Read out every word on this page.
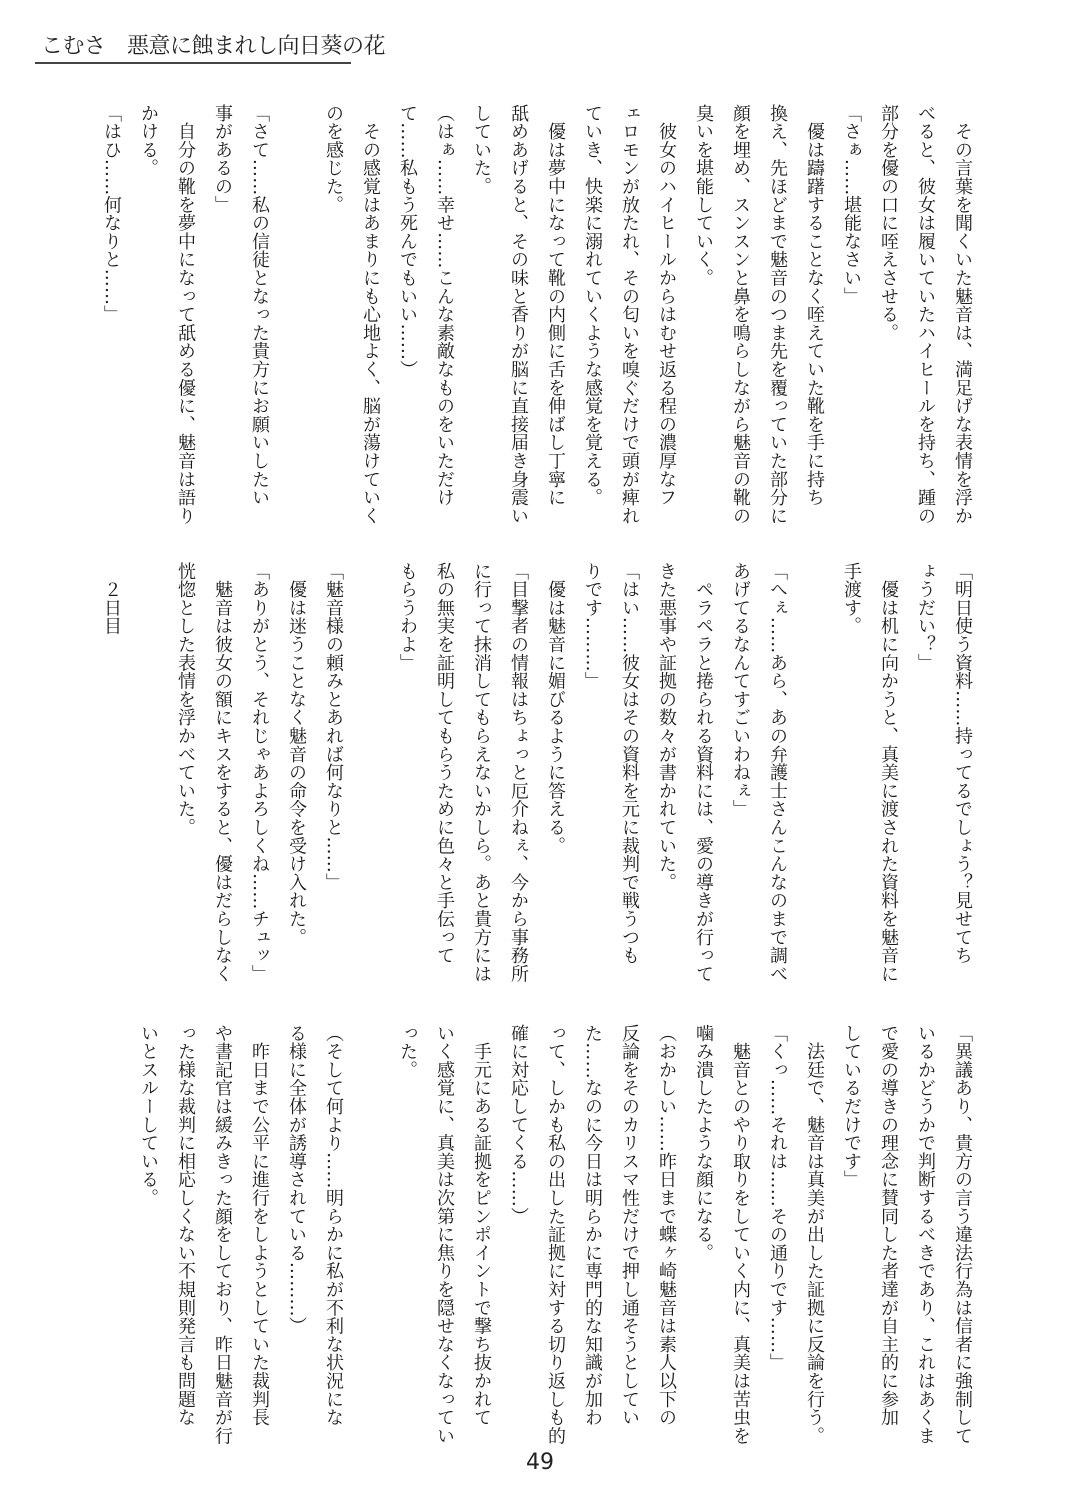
こむさ　悪意に蝕まれし向日葵の花
　その言葉を聞くいた魅音は、満足げな表情を浮か
べると、彼女は履いていたハイヒールを持ち、踵の
部分を優の口に咥えさせる。
「さぁ……堪能なさい」
　優は躊躇することなく咥えていた靴を手に持ち
換え、先ほどまで魅音のつま先を覆っていた部分に
顔を埋め、スンスンと鼻を鳴らしながら魅音の靴の
臭いを堪能していく。
　彼女のハイヒールからはむせ返る程の濃厚なフ
ェロモンが放たれ、その匂いを嗅ぐだけで頭が痺れ
ていき、快楽に溺れていくような感覚を覚える。
　優は夢中になって靴の内側に舌を伸ばし丁寧に
舐めあげると、その味と香りが脳に直接届き身震い
していた。
（はぁ……幸せ……こんな素敵なものをいただけ
て……私もう死んでもいい……）
　その感覚はあまりにも心地よく、脳が蕩けていく
のを感じた。
「さて……私の信徒となった貴方にお願いしたい
事があるの」
　自分の靴を夢中になって舐める優に、魅音は語り
かける。
「はひ……何なりと……」
「明日使う資料……持ってるでしょう？見せてち
ょうだい？」
　優は机に向かうと、真美に渡された資料を魅音に
手渡す。
「へぇ……あら、あの弁護士さんこんなのまで調べ
あげてるなんてすごいわねぇ」
　ペラペラと捲られる資料には、愛の導きが行って
きた悪事や証拠の数々が書かれていた。
「はい……彼女はその資料を元に裁判で戦うつも
りです………」
　優は魅音に媚びるように答える。
「目撃者の情報はちょっと厄介ねぇ、今から事務所
に行って抹消してもらえないかしら。あと貴方には
私の無実を証明してもらうために色々と手伝って
もらうわよ」
「魅音様の頼みとあれば何なりと……」
　優は迷うことなく魅音の命令を受け入れた。
「ありがとう、それじゃあよろしくね……チュッ」
　魅音は彼女の額にキスをすると、優はだらしなく
恍惚とした表情を浮かべていた。
　２日目
「異議あり、貴方の言う違法行為は信者に強制して
いるかどうかで判断するべきであり、これはあくま
で愛の導きの理念に賛同した者達が自主的に参加
しているだけです」
　法廷で、魅音は真美が出した証拠に反論を行う。
「くっ……それは……その通りです……」
　魅音とのやり取りをしていく内に、真美は苦虫を
噛み潰したような顔になる。
（おかしい……昨日まで蝶ヶ崎魅音は素人以下の
反論をそのカリスマ性だけで押し通そうとしてい
た……なのに今日は明らかに専門的な知識が加わ
って、しかも私の出した証拠に対する切り返しも的
確に対応してくる……）
　手元にある証拠をピンポイントで撃ち抜かれて
いく感覚に、真美は次第に焦りを隠せなくなってい
った。
（そして何より……明らかに私が不利な状況にな
る様に全体が誘導されている………）
　昨日まで公平に進行をしようとしていた裁判長
や書記官は緩みきった顔をしており、昨日魅音が行
った様な裁判に相応しくない不規則発言も問題な
いとスルーしている。
49
